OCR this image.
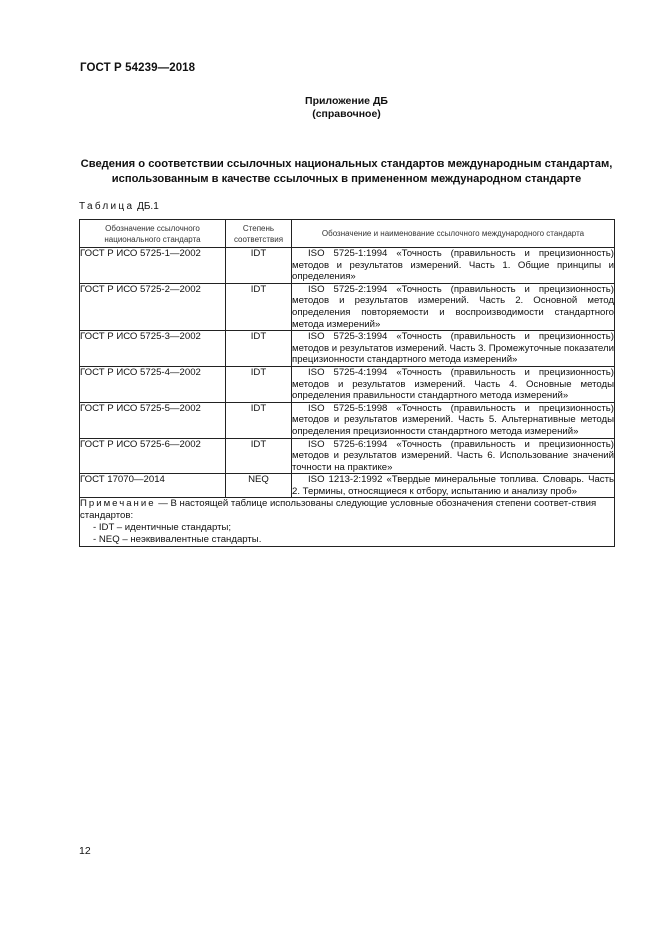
ГОСТ Р 54239—2018
Приложение ДБ
(справочное)
Сведения о соответствии ссылочных национальных стандартов международным стандартам,
использованным в качестве ссылочных в примененном международном стандарте
Таблица ДБ.1
Обозначение ссылочного национального стандарта	Степень соответствия	Обозначение и наименование ссылочного международного стандарта
ГОСТ Р ИСО 5725-1—2002	IDT	ISO 5725-1:1994 «Точность (правильность и прецизионность) методов и результатов измерений. Часть 1. Общие принципы и определения»
ГОСТ Р ИСО 5725-2—2002	IDT	ISO 5725-2:1994 «Точность (правильность и прецизионность) методов и результатов измерений. Часть 2. Основной метод определения повторяемости и воспроизводимости стандартного метода измерений»
ГОСТ Р ИСО 5725-3—2002	IDT	ISO 5725-3:1994 «Точность (правильность и прецизионность) методов и результатов измерений. Часть 3. Промежуточные показатели прецизионности стандартного метода измерений»
ГОСТ Р ИСО 5725-4—2002	IDT	ISO 5725-4:1994 «Точность (правильность и прецизионность) методов и результатов измерений. Часть 4. Основные методы определения правильности стандартного метода измерений»
ГОСТ Р ИСО 5725-5—2002	IDT	ISO 5725-5:1998 «Точность (правильность и прецизионность) методов и результатов измерений. Часть 5. Альтернативные методы определения прецизионности стандартного метода измерений»
ГОСТ Р ИСО 5725-6—2002	IDT	ISO 5725-6:1994 «Точность (правильность и прецизионность) методов и результатов измерений. Часть 6. Использование значений точности на практике»
ГОСТ 17070—2014	NEQ	ISO 1213-2:1992 «Твердые минеральные топлива. Словарь. Часть 2. Термины, относящиеся к отбору, испытанию и анализу проб»

Примечание — В настоящей таблице использованы следующие условные обозначения степени соответ-ствия стандартов:
- IDT – идентичные стандарты;
- NEQ – неэквивалентные стандарты.		
12
